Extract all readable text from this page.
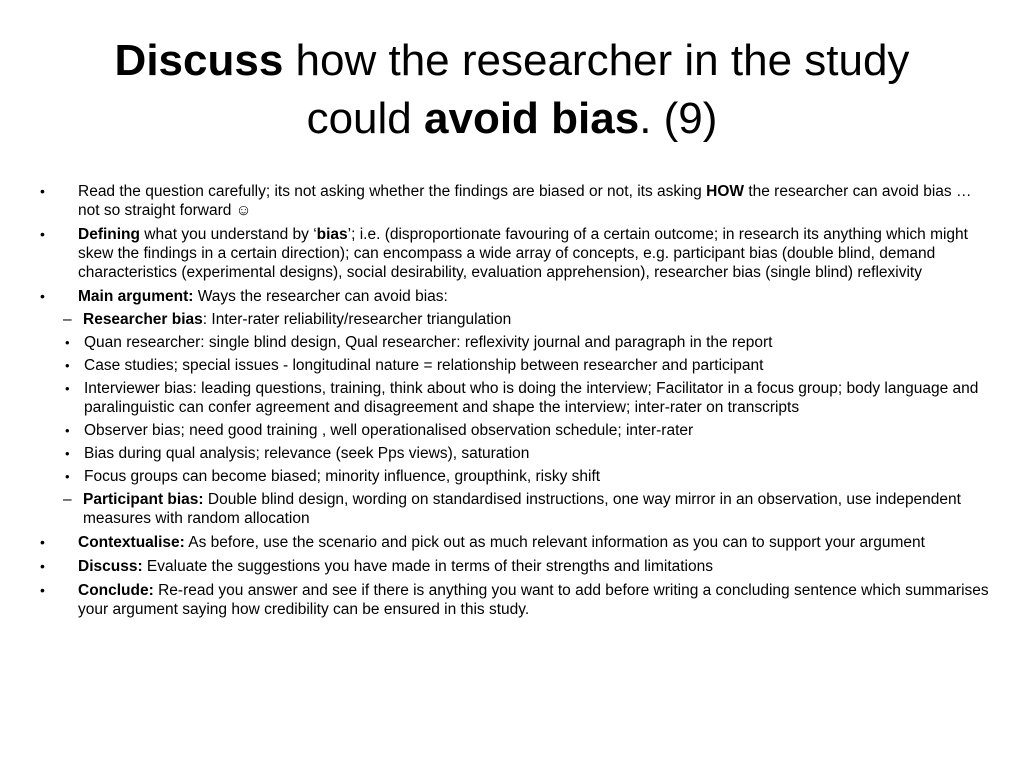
Discuss how the researcher in the study could avoid bias. (9)
• Read the question carefully; its not asking whether the findings are biased or not, its asking HOW the researcher can avoid bias …not so straight forward ☺
• Defining what you understand by ‘bias’; i.e. (disproportionate favouring of a certain outcome; in research its anything which might skew the findings in a certain direction); can encompass a wide array of concepts, e.g. participant bias (double blind, demand characteristics (experimental designs), social desirability, evaluation apprehension), researcher bias (single blind) reflexivity
• Main argument: Ways the researcher can avoid bias:
– Researcher bias: Inter-rater reliability/researcher triangulation
• Quan researcher: single blind design, Qual researcher: reflexivity journal and paragraph in the report
• Case studies; special issues - longitudinal nature = relationship between researcher and participant
• Interviewer bias: leading questions, training, think about who is doing the interview; Facilitator in a focus group; body language and paralinguistic can confer agreement and disagreement and shape the interview; inter-rater on transcripts
• Observer bias; need good training , well operationalised observation schedule; inter-rater
• Bias during qual analysis; relevance (seek Pps views), saturation
• Focus groups can become biased; minority influence, groupthink, risky shift
– Participant bias: Double blind design, wording on standardised instructions, one way mirror in an observation, use independent measures with random allocation
• Contextualise: As before, use the scenario and pick out as much relevant information as you can to support your argument
• Discuss: Evaluate the suggestions you have made in terms of their strengths and limitations
• Conclude: Re-read you answer and see if there is anything you want to add before writing a concluding sentence which summarises your argument saying how credibility can be ensured in this study.
